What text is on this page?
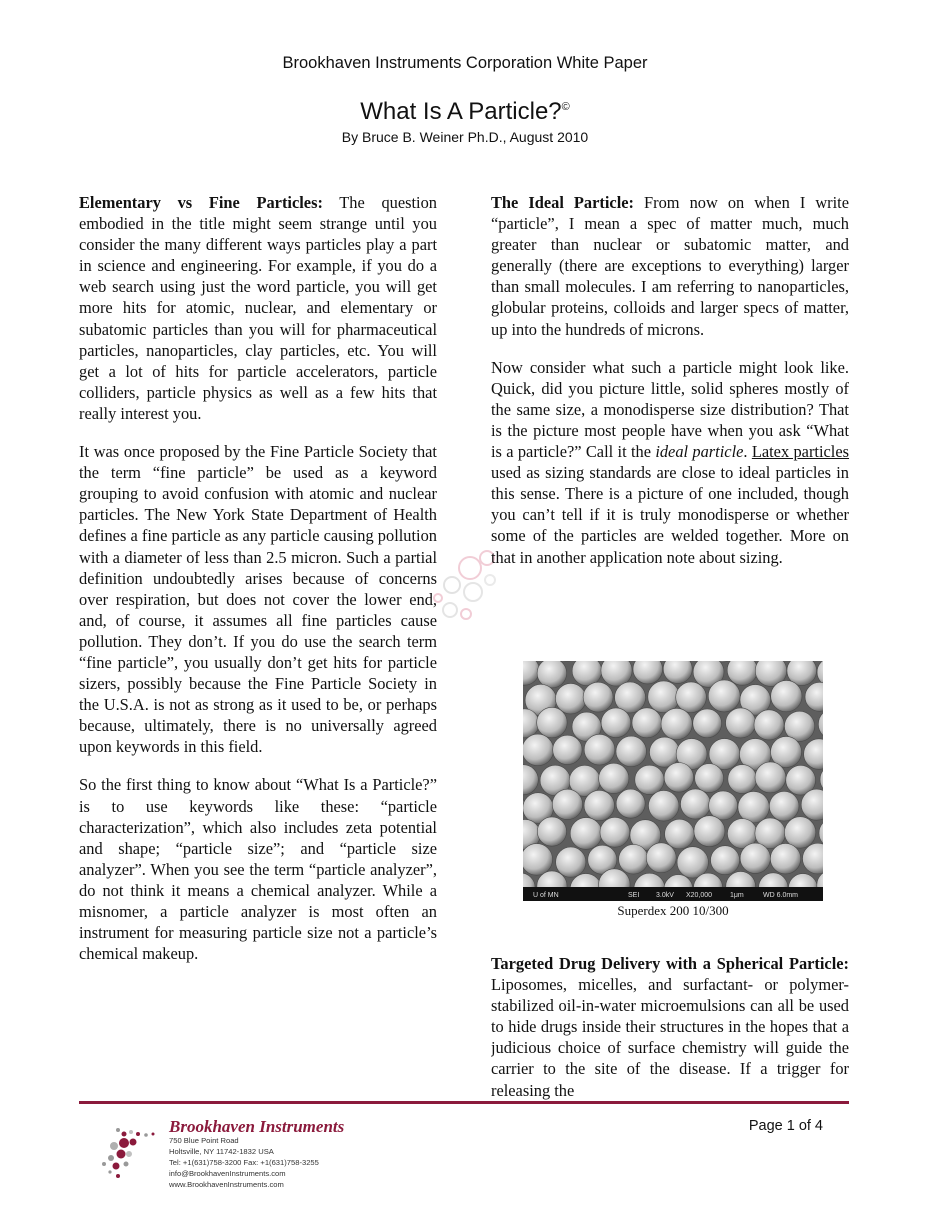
Brookhaven Instruments Corporation White Paper
What Is A Particle?©
By Bruce B. Weiner Ph.D., August 2010

Elementary vs Fine Particles: The question embodied in the title might seem strange until you consider the many different ways particles play a part in science and engineering. For example, if you do a web search using just the word particle, you will get more hits for atomic, nuclear, and elementary or subatomic particles than you will for pharmaceutical particles, nanoparticles, clay particles, etc. You will get a lot of hits for particle accelerators, particle colliders, particle physics as well as a few hits that really interest you.

It was once proposed by the Fine Particle Society that the term “fine particle” be used as a keyword grouping to avoid confusion with atomic and nuclear particles. The New York State Department of Health defines a fine particle as any particle causing pollution with a diameter of less than 2.5 micron. Such a partial definition undoubtedly arises because of concerns over respiration, but does not cover the lower end, and, of course, it assumes all fine particles cause pollution. They don’t. If you do use the search term “fine particle”, you usually don’t get hits for particle sizers, possibly because the Fine Particle Society in the U.S.A. is not as strong as it used to be, or perhaps because, ultimately, there is no universally agreed upon keywords in this field.

So the first thing to know about “What Is a Particle?” is to use keywords like these: “particle characterization”, which also includes zeta potential and shape; “particle size”; and “particle size analyzer”. When you see the term “particle analyzer”, do not think it means a chemical analyzer. While a misnomer, a particle analyzer is most often an instrument for measuring particle size not a particle’s chemical makeup.

The Ideal Particle: From now on when I write “particle”, I mean a spec of matter much, much greater than nuclear or subatomic matter, and generally (there are exceptions to everything) larger than small molecules. I am referring to nanoparticles, globular proteins, colloids and larger specs of matter, up into the hundreds of microns.

Now consider what such a particle might look like. Quick, did you picture little, solid spheres mostly of the same size, a monodisperse size distribution? That is the picture most people have when you ask “What is a particle?” Call it the ideal particle. Latex particles used as sizing standards are close to ideal particles in this sense. There is a picture of one included, though you can’t tell if it is truly monodisperse or whether some of the particles are welded together. More on that in another application note about sizing.

U of MN	SEI 3.0kV X20,000	1μm	WD 6.0mm
Superdex 200 10/300

Targeted Drug Delivery with a Spherical Particle: Liposomes, micelles, and surfactant- or polymer-stabilized oil-in-water microemulsions can all be used to hide drugs inside their structures in the hopes that a judicious choice of surface chemistry will guide the carrier to the site of the disease. If a trigger for releasing the

Brookhaven Instruments
750 Blue Point Road
Holtsville, NY 11742-1832 USA
Tel: +1(631)758-3200 Fax: +1(631)758-3255
info@BrookhavenInstruments.com
www.BrookhavenInstruments.com
Page 1 of 4
